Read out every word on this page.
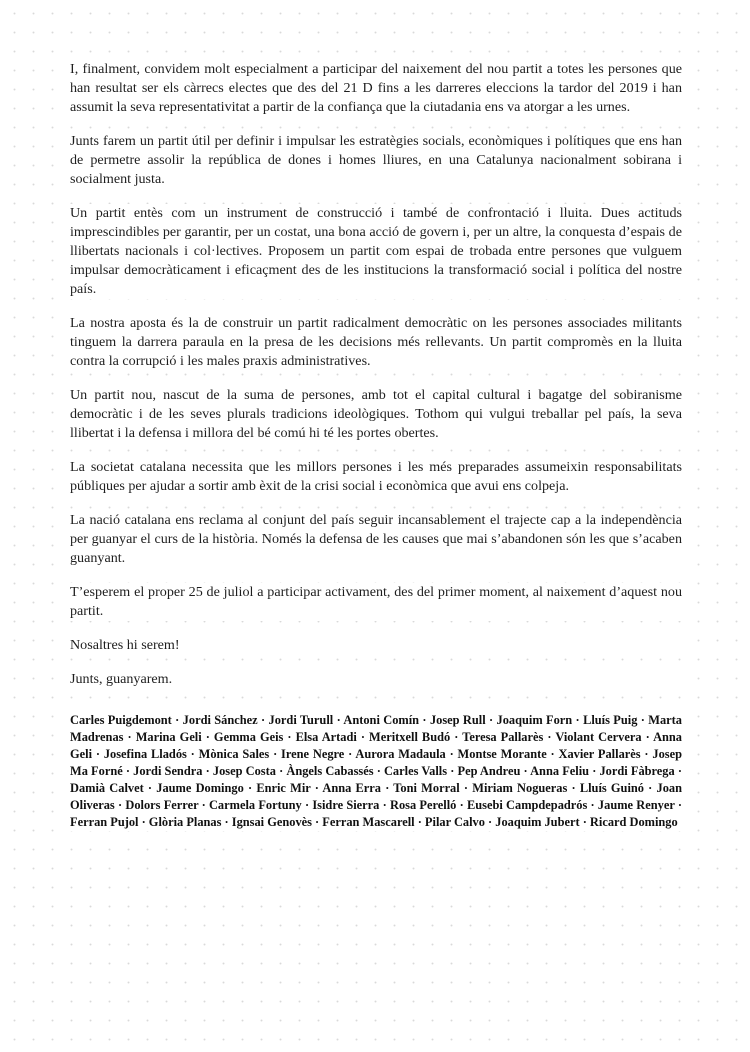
I, finalment, convidem molt especialment a participar del naixement del nou partit a totes les persones que han resultat ser els càrrecs electes que des del 21 D fins a les darreres eleccions la tardor del 2019 i han assumit la seva representativitat a partir de la confiança que la ciutadania ens va atorgar a les urnes.

Junts farem un partit útil per definir i impulsar les estratègies socials, econòmiques i polítiques que ens han de permetre assolir la república de dones i homes lliures, en una Catalunya nacionalment sobirana i socialment justa.

Un partit entès com un instrument de construcció i també de confrontació i lluita. Dues actituds imprescindibles per garantir, per un costat, una bona acció de govern i, per un altre, la conquesta d’espais de llibertats nacionals i col·lectives. Proposem un partit com espai de trobada entre persones que vulguem impulsar democràticament i eficaçment des de les institucions la transformació social i política del nostre país.

La nostra aposta és la de construir un partit radicalment democràtic on les persones associades militants tinguem la darrera paraula en la presa de les decisions més rellevants. Un partit compromès en la lluita contra la corrupció i les males praxis administratives.

Un partit nou, nascut de la suma de persones, amb tot el capital cultural i bagatge del sobiranisme democràtic i de les seves plurals tradicions ideològiques. Tothom qui vulgui treballar pel país, la seva llibertat i la defensa i millora del bé comú hi té les portes obertes.

La societat catalana necessita que les millors persones i les més preparades assumeixin responsabilitats públiques per ajudar a sortir amb èxit de la crisi social i econòmica que avui ens colpeja.

La nació catalana ens reclama al conjunt del país seguir incansablement el trajecte cap a la independència per guanyar el curs de la història. Només la defensa de les causes que mai s’abandonen són les que s’acaben guanyant.

T’esperem el proper 25 de juliol a participar activament, des del primer moment, al naixement d’aquest nou partit.

Nosaltres hi serem!

Junts, guanyarem.

Carles Puigdemont · Jordi Sánchez · Jordi Turull · Antoni Comín · Josep Rull · Joaquim Forn · Lluís Puig · Marta Madrenas · Marina Geli · Gemma Geis · Elsa Artadi · Meritxell Budó · Teresa Pallarès · Violant Cervera · Anna Geli · Josefina Lladós · Mònica Sales · Irene Negre · Aurora Madaula · Montse Morante · Xavier Pallarès · Josep Ma Forné · Jordi Sendra · Josep Costa · Àngels Cabassés · Carles Valls · Pep Andreu · Anna Feliu · Jordi Fàbrega · Damià Calvet · Jaume Domingo · Enric Mir · Anna Erra · Toni Morral · Miriam Nogueras · Lluís Guinó · Joan Oliveras · Dolors Ferrer · Carmela Fortuny · Isidre Sierra · Rosa Perelló · Eusebi Campdepadrós · Jaume Renyer · Ferran Pujol · Glòria Planas · Ignsai Genovès · Ferran Mascarell · Pilar Calvo · Joaquim Jubert · Ricard Domingo
